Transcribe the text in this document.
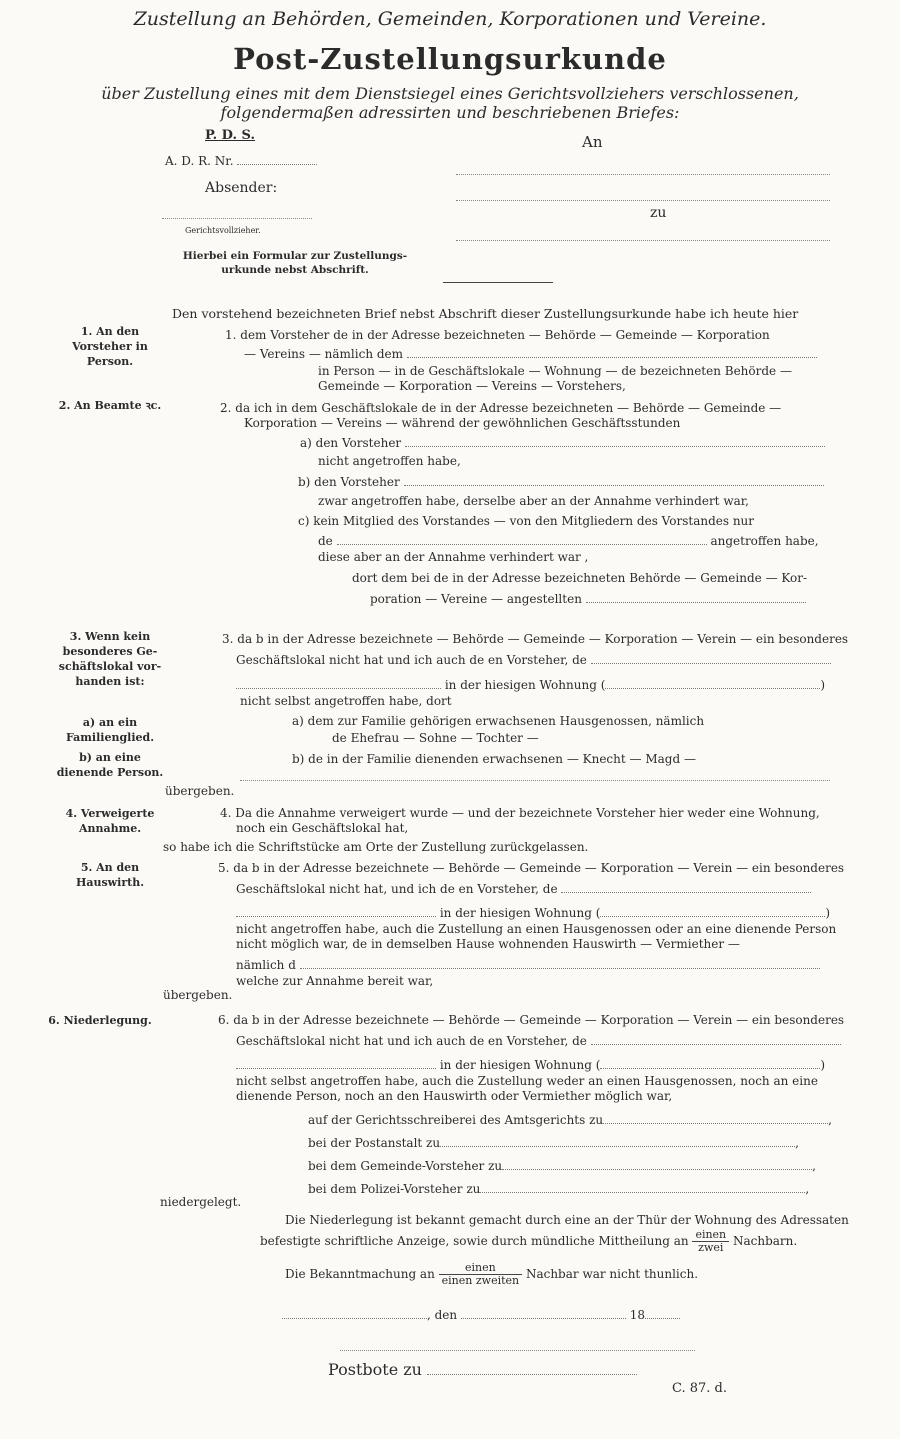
Zustellung an Behörden, Gemeinden, Korporationen und Vereine.
Post-Zustellungsurkunde
über Zustellung eines mit dem Dienstsiegel eines Gerichtsvollziehers verschlossenen,
folgendermaßen adressirten und beschriebenen Briefes:
P. D. S.
A. D. R. Nr.
Absender:
Gerichtsvollzieher.
Hierbei ein Formular zur Zustellungs-
urkunde nebst Abschrift.
An
zu
Den vorstehend bezeichneten Brief nebst Abschrift dieser Zustellungsurkunde habe ich heute hier
1. An den
Vorsteher in
Person.
1. dem Vorsteher de in der Adresse bezeichneten — Behörde — Gemeinde — Korporation
— Vereins — nämlich dem
in Person — in de Geschäftslokale — Wohnung — de bezeichneten Behörde —
Gemeinde — Korporation — Vereins — Vorstehers,
2. An Beamte ꝛc.	2. da ich in dem Geschäftslokale de in der Adresse bezeichneten — Behörde — Gemeinde —
Korporation — Vereins — während der gewöhnlichen Geschäftsstunden
a) den Vorsteher
nicht angetroffen habe,
b) den Vorsteher
zwar angetroffen habe, derselbe aber an der Annahme verhindert war,
c) kein Mitglied des Vorstandes — von den Mitgliedern des Vorstandes nur
de	angetroffen habe,
diese aber an der Annahme verhindert war ,
dort dem bei de in der Adresse bezeichneten Behörde — Gemeinde — Kor-
poration — Vereine — angestellten
3. Wenn kein
besonderes Ge-
schäftslokal vor-
handen ist:
a) an ein
Familienglied.
b) an eine
dienende Person.
3. da b in der Adresse bezeichnete — Behörde — Gemeinde — Korporation — Verein — ein besonderes
Geschäftslokal nicht hat und ich auch de en Vorsteher, de
in der hiesigen Wohnung (	)
nicht selbst angetroffen habe, dort
a) dem zur Familie gehörigen erwachsenen Hausgenossen, nämlich
de Ehefrau — Sohne — Tochter —
b) de in der Familie dienenden erwachsenen — Knecht — Magd —
übergeben.
4. Verweigerte
Annahme.
4. Da die Annahme verweigert wurde — und der bezeichnete Vorsteher hier weder eine Wohnung,
noch ein Geschäftslokal hat,
so habe ich die Schriftstücke am Orte der Zustellung zurückgelassen.
5. An den
Hauswirth.
5. da b in der Adresse bezeichnete — Behörde — Gemeinde — Korporation — Verein — ein besonderes
Geschäftslokal nicht hat, und ich de en Vorsteher, de
in der hiesigen Wohnung (	)
nicht angetroffen habe, auch die Zustellung an einen Hausgenossen oder an eine dienende Person
nicht möglich war, de in demselben Hause wohnenden Hauswirth — Vermiether —
nämlich d
welche zur Annahme bereit war,
übergeben.
6. Niederlegung.	6. da b in der Adresse bezeichnete — Behörde — Gemeinde — Korporation — Verein — ein besonderes
Geschäftslokal nicht hat und ich auch de en Vorsteher, de
in der hiesigen Wohnung (	)
nicht selbst angetroffen habe, auch die Zustellung weder an einen Hausgenossen, noch an eine
dienende Person, noch an den Hauswirth oder Vermiether möglich war,
auf der Gerichtsschreiberei des Amtsgerichts zu	,
bei der Postanstalt zu	,
bei dem Gemeinde-Vorsteher zu	,
bei dem Polizei-Vorsteher zu	,
niedergelegt.
Die Niederlegung ist bekannt gemacht durch eine an der Thür der Wohnung des Adressaten
befestigte schriftliche Anzeige, sowie durch mündliche Mittheilung an $\frac{\text{einen}}{\text{zwei}}$ Nachbarn.
Die Bekanntmachung an $\frac{\text{einen}}{\text{einen zweiten}}$ Nachbar war nicht thunlich.
, den	18
Postbote zu
C. 87. d.
